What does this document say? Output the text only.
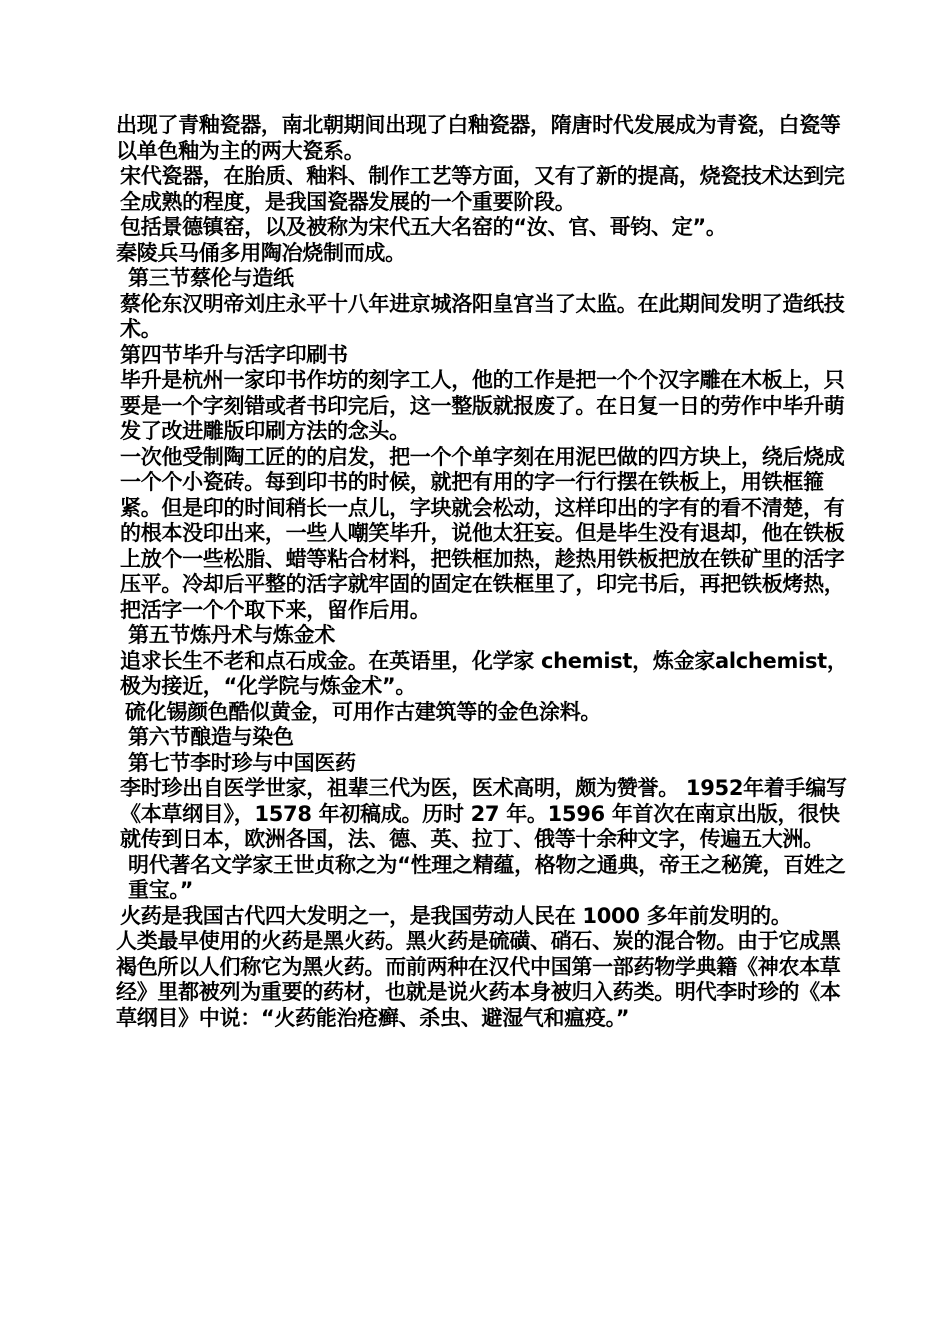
出现了青釉瓷器，南北朝期间出现了白釉瓷器，隋唐时代发展成为青瓷，白瓷等以单色釉为主的两大瓷系。

宋代瓷器，在胎质、釉料、制作工艺等方面，又有了新的提高，烧瓷技术达到完全成熟的程度，是我国瓷器发展的一个重要阶段。

包括景德镇窑，以及被称为宋代五大名窑的“汝、官、哥钧、定”。

秦陵兵马俑多用陶冶烧制而成。

第三节蔡伦与造纸

蔡伦东汉明帝刘庄永平十八年进京城洛阳皇宫当了太监。在此期间发明了造纸技术。

第四节毕升与活字印刷书

毕升是杭州一家印书作坊的刻字工人，他的工作是把一个个汉字雕在木板上，只要是一个字刻错或者书印完后，这一整版就报废了。在日复一日的劳作中毕升萌发了改进雕版印刷方法的念头。

一次他受制陶工匠的的启发，把一个个单字刻在用泥巴做的四方块上，绕后烧成一个个小瓷砖。每到印书的时候，就把有用的字一行行摆在铁板上，用铁框箍紧。但是印的时间稍长一点儿，字块就会松动，这样印出的字有的看不清楚，有的根本没印出来，一些人嘲笑毕升，说他太狂妄。但是毕生没有退却，他在铁板上放个一些松脂、蜡等粘合材料，把铁框加热，趁热用铁板把放在铁矿里的活字压平。冷却后平整的活字就牢固的固定在铁框里了，印完书后，再把铁板烤热，把活字一个个取下来，留作后用。

第五节炼丹术与炼金术

追求长生不老和点石成金。在英语里，化学家 chemist，炼金家alchemist，极为接近，“化学院与炼金术”。

硫化锡颜色酷似黄金，可用作古建筑等的金色涂料。

第六节酿造与染色

第七节李时珍与中国医药

李时珍出自医学世家，祖辈三代为医，医术高明，颇为赞誉。 1952年着手编写《本草纲目》，1578 年初稿成。历时 27 年。1596 年首次在南京出版，很快就传到日本，欧洲各国，法、德、英、拉丁、俄等十余种文字，传遍五大洲。

明代著名文学家王世贞称之为“性理之精蕴，格物之通典，帝王之秘箎，百姓之重宝。”

火药是我国古代四大发明之一，是我国劳动人民在 1000 多年前发明的。

人类最早使用的火药是黑火药。黑火药是硫磺、硝石、炭的混合物。由于它成黑褐色所以人们称它为黑火药。而前两种在汉代中国第一部药物学典籍《神农本草经》里都被列为重要的药材，也就是说火药本身被归入药类。明代李时珍的《本草纲目》中说：“火药能治疮癣、杀虫、避湿气和瘟疫。”
